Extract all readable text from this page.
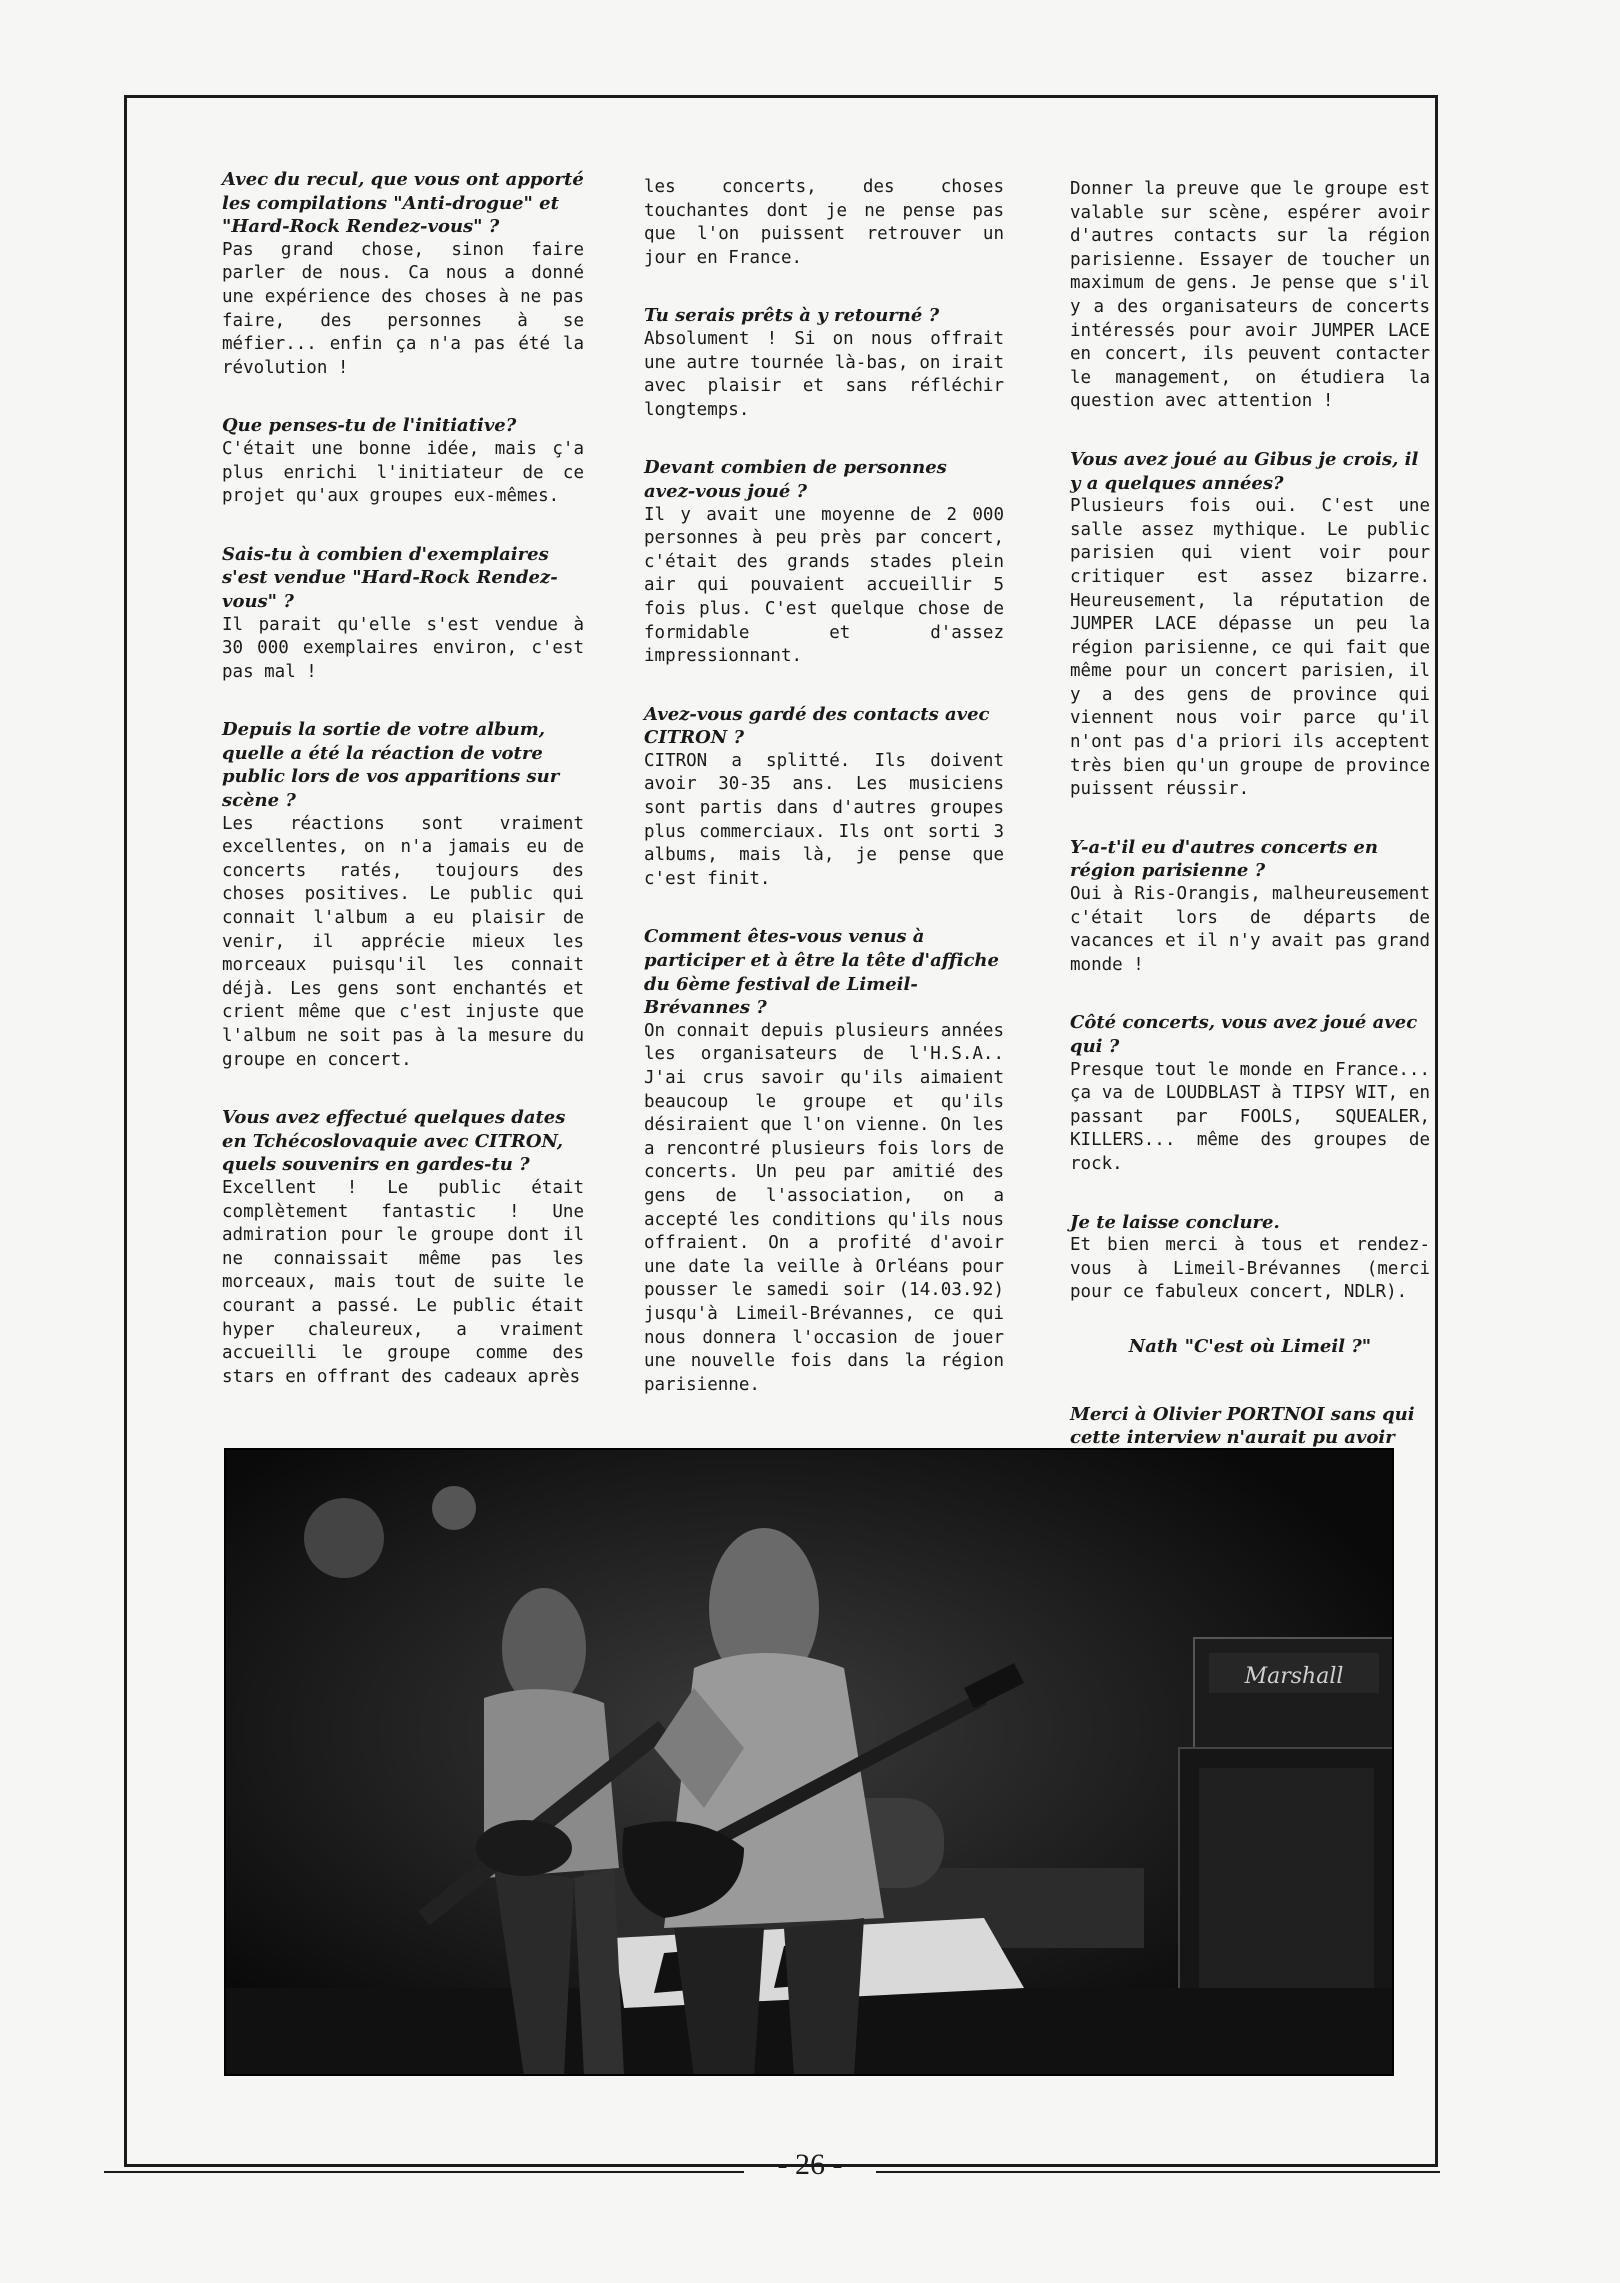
Avec du recul, que vous ont apporté les compilations "Anti-drogue" et "Hard-Rock Rendez-vous" ?
Pas grand chose, sinon faire parler de nous. Ca nous a donné une expérience des choses à ne pas faire, des personnes à se méfier... enfin ça n'a pas été la révolution !
Que penses-tu de l'initiative?
C'était une bonne idée, mais ç'a plus enrichi l'initiateur de ce projet qu'aux groupes eux-mêmes.
Sais-tu à combien d'exemplaires s'est vendue "Hard-Rock Rendez-vous" ?
Il parait qu'elle s'est vendue à 30 000 exemplaires environ, c'est pas mal !
Depuis la sortie de votre album, quelle a été la réaction de votre public lors de vos apparitions sur scène ?
Les réactions sont vraiment excellentes, on n'a jamais eu de concerts ratés, toujours des choses positives. Le public qui connait l'album a eu plaisir de venir, il apprécie mieux les morceaux puisqu'il les connait déjà. Les gens sont enchantés et crient même que c'est injuste que l'album ne soit pas à la mesure du groupe en concert.
Vous avez effectué quelques dates en Tchécoslovaquie avec CITRON, quels souvenirs en gardes-tu ?
Excellent ! Le public était complètement fantastic ! Une admiration pour le groupe dont il ne connaissait même pas les morceaux, mais tout de suite le courant a passé. Le public était hyper chaleureux, a vraiment accueilli le groupe comme des stars en offrant des cadeaux après
les concerts, des choses touchantes dont je ne pense pas que l'on puissent retrouver un jour en France.
Tu serais prêts à y retourné ?
Absolument ! Si on nous offrait une autre tournée là-bas, on irait avec plaisir et sans réfléchir longtemps.
Devant combien de personnes avez-vous joué ?
Il y avait une moyenne de 2 000 personnes à peu près par concert, c'était des grands stades plein air qui pouvaient accueillir 5 fois plus. C'est quelque chose de formidable et d'assez impressionnant.
Avez-vous gardé des contacts avec CITRON ?
CITRON a splitté. Ils doivent avoir 30-35 ans. Les musiciens sont partis dans d'autres groupes plus commerciaux. Ils ont sorti 3 albums, mais là, je pense que c'est finit.
Comment êtes-vous venus à participer et à être la tête d'affiche du 6ème festival de Limeil-Brévannes ?
On connait depuis plusieurs années les organisateurs de l'H.S.A.. J'ai crus savoir qu'ils aimaient beaucoup le groupe et qu'ils désiraient que l'on vienne. On les a rencontré plusieurs fois lors de concerts. Un peu par amitié des gens de l'association, on a accepté les conditions qu'ils nous offraient. On a profité d'avoir une date la veille à Orléans pour pousser le samedi soir (14.03.92) jusqu'à Limeil-Brévannes, ce qui nous donnera l'occasion de jouer une nouvelle fois dans la région parisienne.
Donner la preuve que le groupe est valable sur scène, espérer avoir d'autres contacts sur la région parisienne. Essayer de toucher un maximum de gens. Je pense que s'il y a des organisateurs de concerts intéressés pour avoir JUMPER LACE en concert, ils peuvent contacter le management, on étudiera la question avec attention !
Vous avez joué au Gibus je crois, il y a quelques années?
Plusieurs fois oui. C'est une salle assez mythique. Le public parisien qui vient voir pour critiquer est assez bizarre. Heureusement, la réputation de JUMPER LACE dépasse un peu la région parisienne, ce qui fait que même pour un concert parisien, il y a des gens de province qui viennent nous voir parce qu'il n'ont pas d'a priori ils acceptent très bien qu'un groupe de province puissent réussir.
Y-a-t'il eu d'autres concerts en région parisienne ?
Oui à Ris-Orangis, malheureusement c'était lors de départs de vacances et il n'y avait pas grand monde !
Côté concerts, vous avez joué avec qui ?
Presque tout le monde en France... ça va de LOUDBLAST à TIPSY WIT, en passant par FOOLS, SQUEALER, KILLERS... même des groupes de rock.
Je te laisse conclure.
Et bien merci à tous et rendez-vous à Limeil-Brévannes (merci pour ce fabuleux concert, NDLR).
Nath "C'est où Limeil ?"
Merci à Olivier PORTNOI sans qui cette interview n'aurait pu avoir
Marshall
- 26 -
